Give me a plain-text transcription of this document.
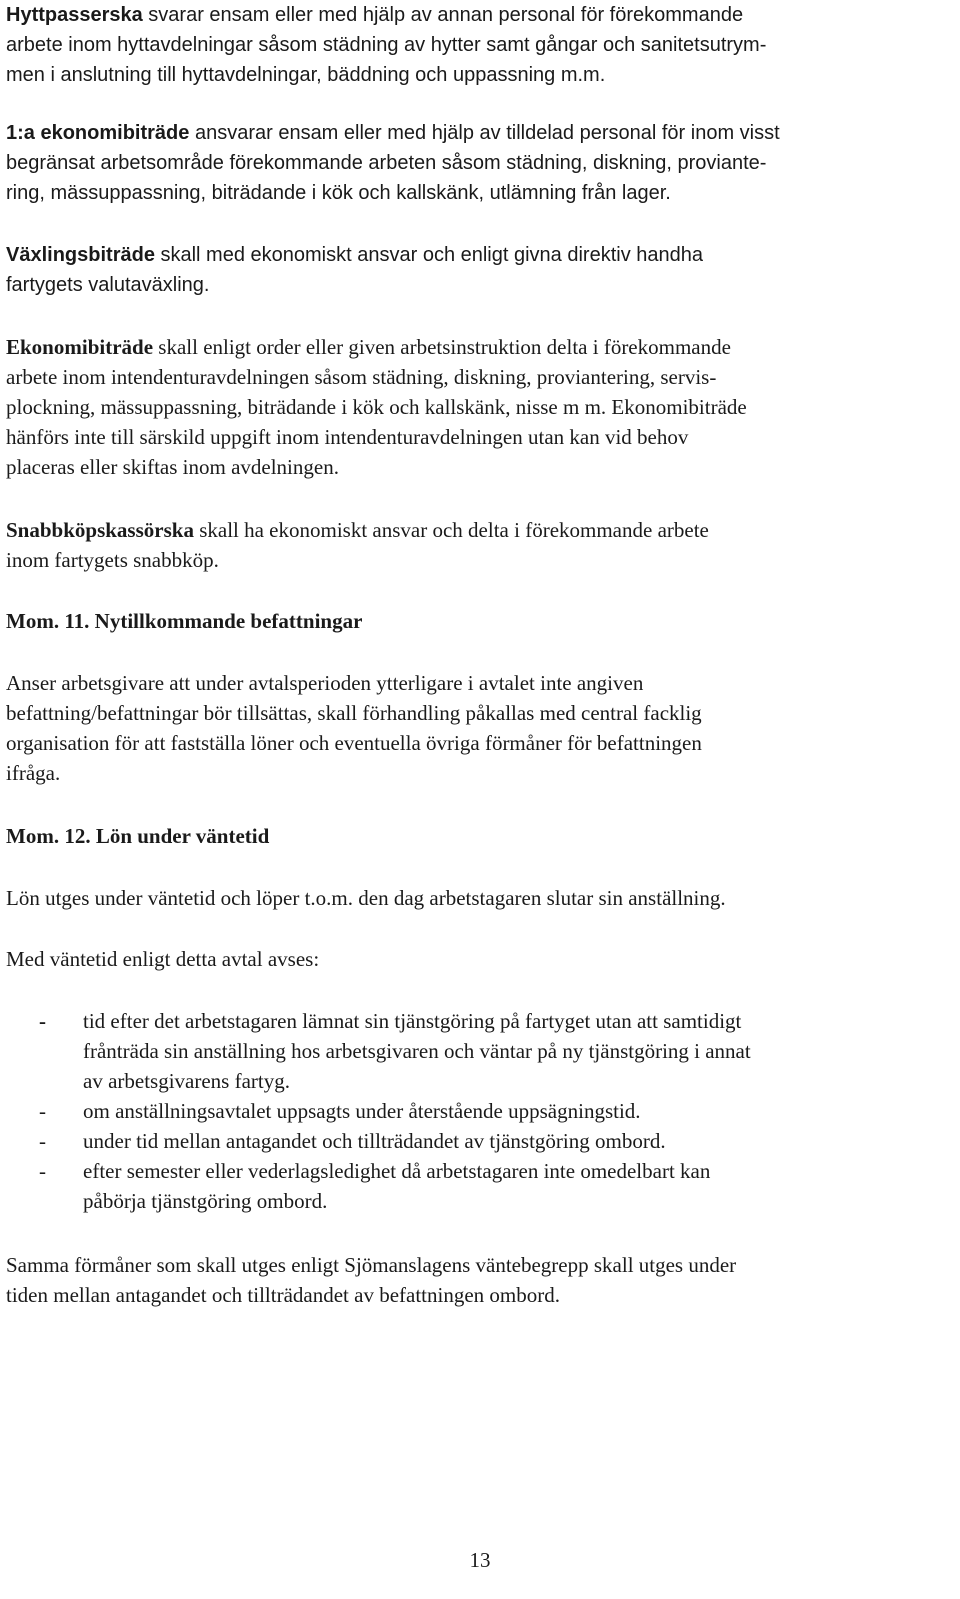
Hyttpasserska svarar ensam eller med hjälp av annan personal för förekommande
arbete inom hyttavdelningar såsom städning av hytter samt gångar och sanitetsutrym-
men i anslutning till hyttavdelningar, bäddning och uppassning m.m.

1:a ekonomibiträde ansvarar ensam eller med hjälp av tilldelad personal för inom visst
begränsat arbetsområde förekommande arbeten såsom städning, diskning, proviante-
ring, mässuppassning, biträdande i kök och kallskänk, utlämning från lager.

Växlingsbiträde skall med ekonomiskt ansvar och enligt givna direktiv handha
fartygets valutaväxling.

Ekonomibiträde skall enligt order eller given arbetsinstruktion delta i förekommande
arbete inom intendenturavdelningen såsom städning, diskning, proviantering, servis-
plockning, mässuppassning, biträdande i kök och kallskänk, nisse m m. Ekonomibiträde
hänförs inte till särskild uppgift inom intendenturavdelningen utan kan vid behov
placeras eller skiftas inom avdelningen.

Snabbköpskassörska skall ha ekonomiskt ansvar och delta i förekommande arbete
inom fartygets snabbköp.

Mom. 11. Nytillkommande befattningar

Anser arbetsgivare att under avtalsperioden ytterligare i avtalet inte angiven
befattning/befattningar bör tillsättas, skall förhandling påkallas med central facklig
organisation för att fastställa löner och eventuella övriga förmåner för befattningen
ifråga.

Mom. 12. Lön under väntetid

Lön utges under väntetid och löper t.o.m. den dag arbetstagaren slutar sin anställning.

Med väntetid enligt detta avtal avses:

- tid efter det arbetstagaren lämnat sin tjänstgöring på fartyget utan att samtidigt
frånträda sin anställning hos arbetsgivaren och väntar på ny tjänstgöring i annat
av arbetsgivarens fartyg.
- om anställningsavtalet uppsagts under återstående uppsägningstid.
- under tid mellan antagandet och tillträdandet av tjänstgöring ombord.
- efter semester eller vederlagsledighet då arbetstagaren inte omedelbart kan
påbörja tjänstgöring ombord.

Samma förmåner som skall utges enligt Sjömanslagens väntebegrepp skall utges under
tiden mellan antagandet och tillträdandet av befattningen ombord.

13
